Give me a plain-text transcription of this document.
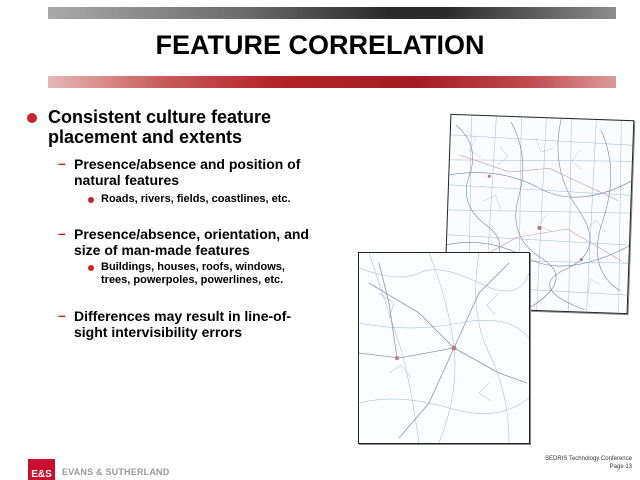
FEATURE CORRELATION
Consistent culture feature placement and extents
– Presence/absence and position of natural features
Roads, rivers, fields, coastlines, etc.
– Presence/absence, orientation, and size of man-made features
Buildings, houses, roofs, windows, trees, powerpoles, powerlines, etc.
– Differences may result in line-of-sight intervisibility errors
SEDRIS Technology Conference
Page 13
E&S	EVANS & SUTHERLAND
